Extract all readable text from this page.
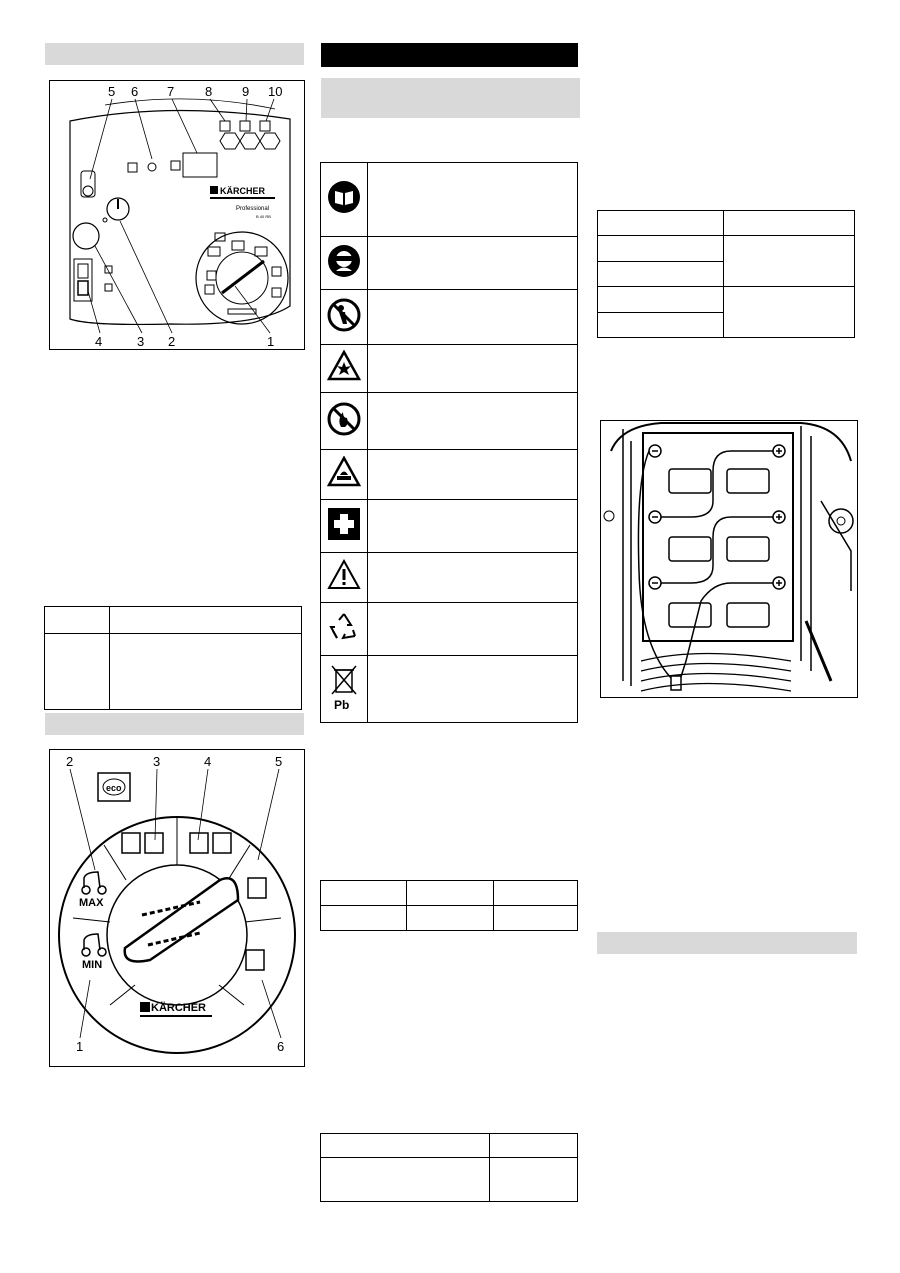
5 6 7 8 9 10
4	3 2	1
KÄRCHER
Professional
B 40 RB

2	3	4	5
1	6
eco
MAX
MIN
KÄRCHER

Pb	
